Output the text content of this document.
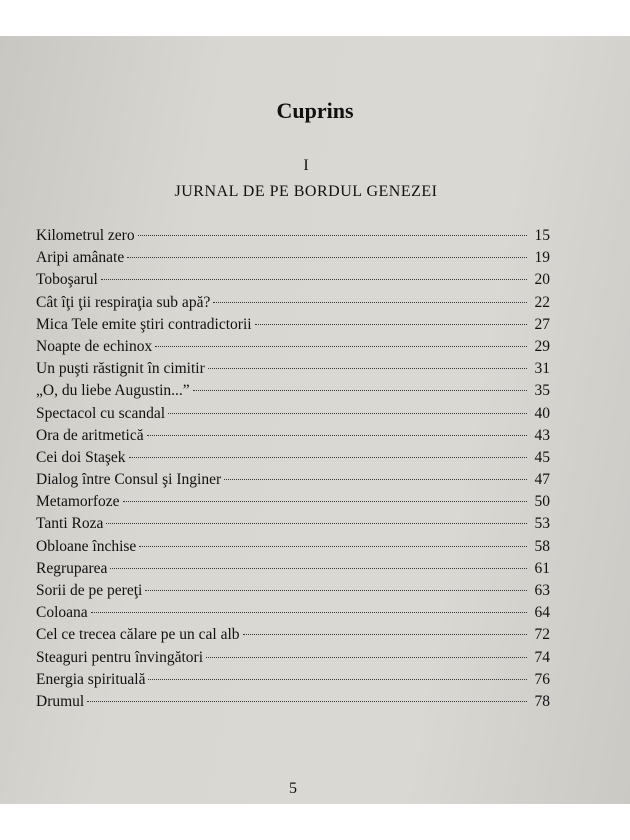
Cuprins
I
JURNAL DE PE BORDUL GENEZEI
Kilometrul zero	15
Aripi amânate	19
Toboşarul	20
Cât îţi ţii respiraţia sub apă?	22
Mica Tele emite ştiri contradictorii	27
Noapte de echinox	29
Un puşti răstignit în cimitir	31
„O, du liebe Augustin...”	35
Spectacol cu scandal	40
Ora de aritmetică	43
Cei doi Staşek	45
Dialog între Consul şi Inginer	47
Metamorfoze	50
Tanti Roza	53
Obloane închise	58
Regruparea	61
Sorii de pe pereţi	63
Coloana	64
Cel ce trecea călare pe un cal alb	72
Steaguri pentru învingători	74
Energia spirituală	76
Drumul	78
5
